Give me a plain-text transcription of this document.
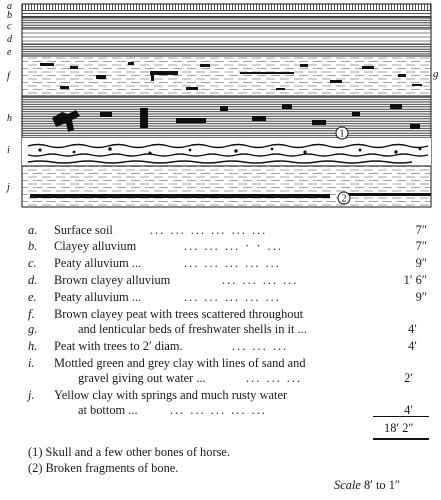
1
2
a
b
c
d
e
f	g
h
i
j
a. Surface soil	... ... ... ... ... ...	7″
b. Clayey alluvium	... ... ... · · ...	7″
c. Peaty alluvium ...	... ... ... ... ...	9″
d. Brown clayey alluvium	... ... ... ...	1′ 6″
e. Peaty alluvium ...	... ... ... ... ...	9″
f. Brown clayey peat with trees scattered throughout
g.	and lenticular beds of freshwater shells in it ...	4′
h. Peat with trees to 2′ diam.	... ... ...	4′
i. Mottled green and grey clay with lines of sand and
gravel giving out water ...	... ... ...	2′
j. Yellow clay with springs and much rusty water
at bottom ...	... ... ... ... ...	4′
18′ 2″
(1) Skull and a few other bones of horse.
(2) Broken fragments of bone.
Scale 8′ to 1″
